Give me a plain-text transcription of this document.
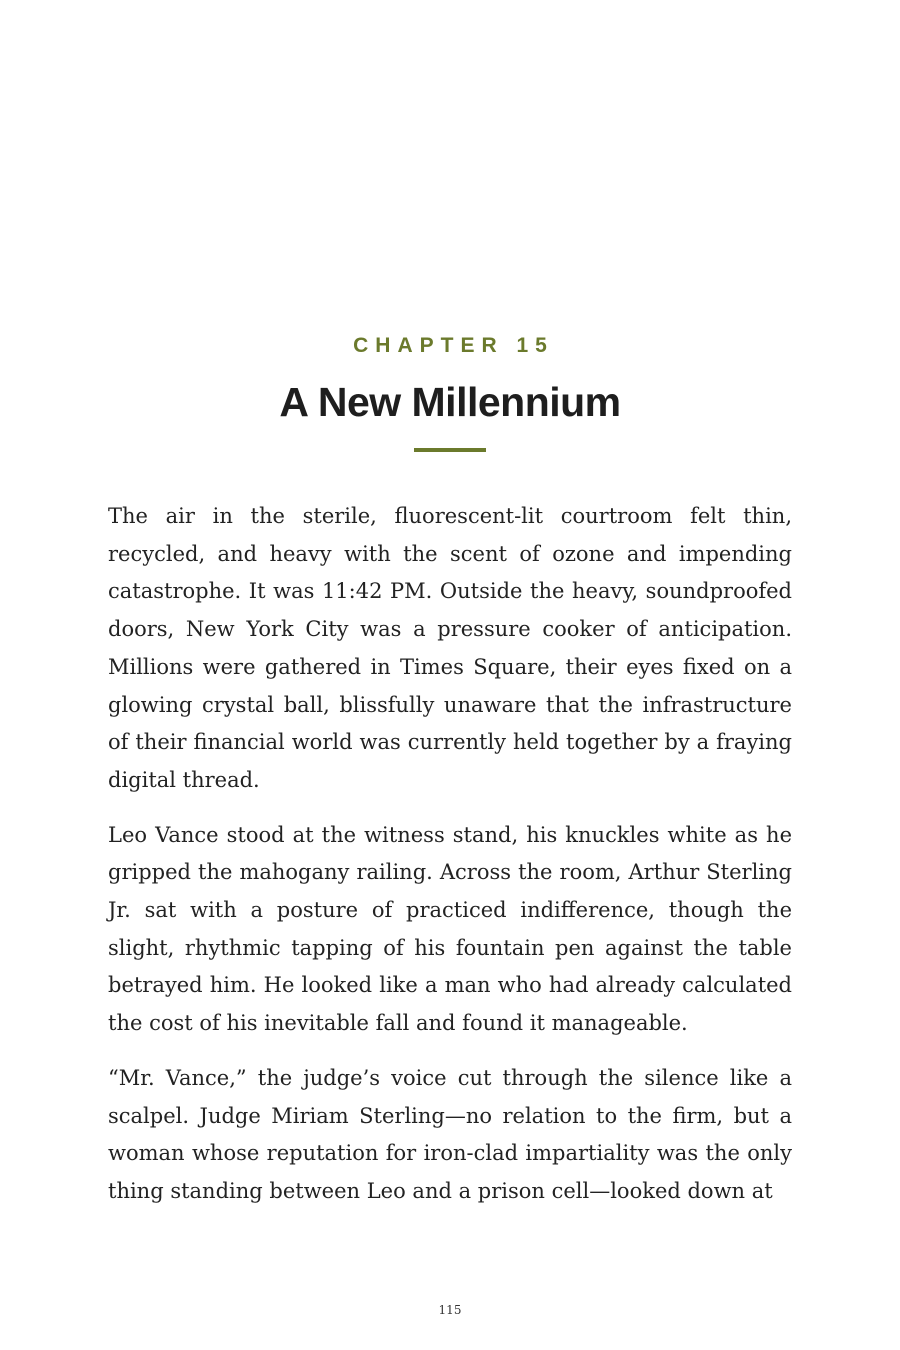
CHAPTER 15
A New Millennium

The air in the sterile, fluorescent-lit courtroom felt thin, recycled, and heavy with the scent of ozone and impending catastrophe. It was 11:42 PM. Outside the heavy, soundproofed doors, New York City was a pressure cooker of anticipation. Millions were gathered in Times Square, their eyes fixed on a glowing crystal ball, blissfully unaware that the infrastructure of their financial world was currently held together by a fraying digital thread.

Leo Vance stood at the witness stand, his knuckles white as he gripped the mahogany railing. Across the room, Arthur Sterling Jr. sat with a posture of practiced indifference, though the slight, rhythmic tapping of his fountain pen against the table betrayed him. He looked like a man who had already calculated the cost of his inevitable fall and found it manageable.

“Mr. Vance,” the judge’s voice cut through the silence like a scalpel. Judge Miriam Sterling—no relation to the firm, but a woman whose reputation for iron-clad impartiality was the only thing standing between Leo and a prison cell—looked down at

115
